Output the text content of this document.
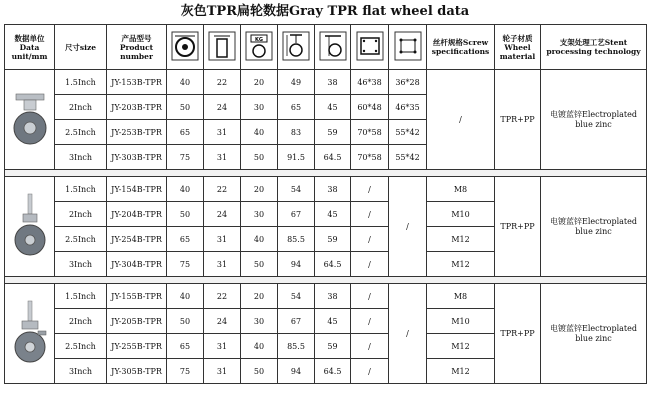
灰色TPR扁轮数据Gray TPR flat wheel data
数据单位Data unit/mm	尺寸size	产品型号Product number			KG					丝杆规格Screw specifications	轮子材质Wheel material	支架处理工艺Stent processing technology

	1.5Inch	JY-153B-TPR	40	22	20	49	38	46*38	36*28	/	TPR+PP	电镀蓝锌Electroplated blue zinc
	2Inch	JY-203B-TPR	50	24	30	65	45	60*48	46*35			
	2.5Inch	JY-253B-TPR	65	31	40	83	59	70*58	55*42			
	3Inch	JY-303B-TPR	75	31	50	91.5	64.5	70*58	55*42			

	1.5Inch	JY-154B-TPR	40	22	20	54	38	/	/	M8	TPR+PP	电镀蓝锌Electroplated blue zinc
	2Inch	JY-204B-TPR	50	24	30	67	45	/		M10		
	2.5Inch	JY-254B-TPR	65	31	40	85.5	59	/		M12		
	3Inch	JY-304B-TPR	75	31	50	94	64.5	/		M12		

	1.5Inch	JY-155B-TPR	40	22	20	54	38	/	/	M8	TPR+PP	电镀蓝锌Electroplated blue zinc
	2Inch	JY-205B-TPR	50	24	30	67	45	/		M10		
	2.5Inch	JY-255B-TPR	65	31	40	85.5	59	/		M12		
	3Inch	JY-305B-TPR	75	31	50	94	64.5	/		M12		
